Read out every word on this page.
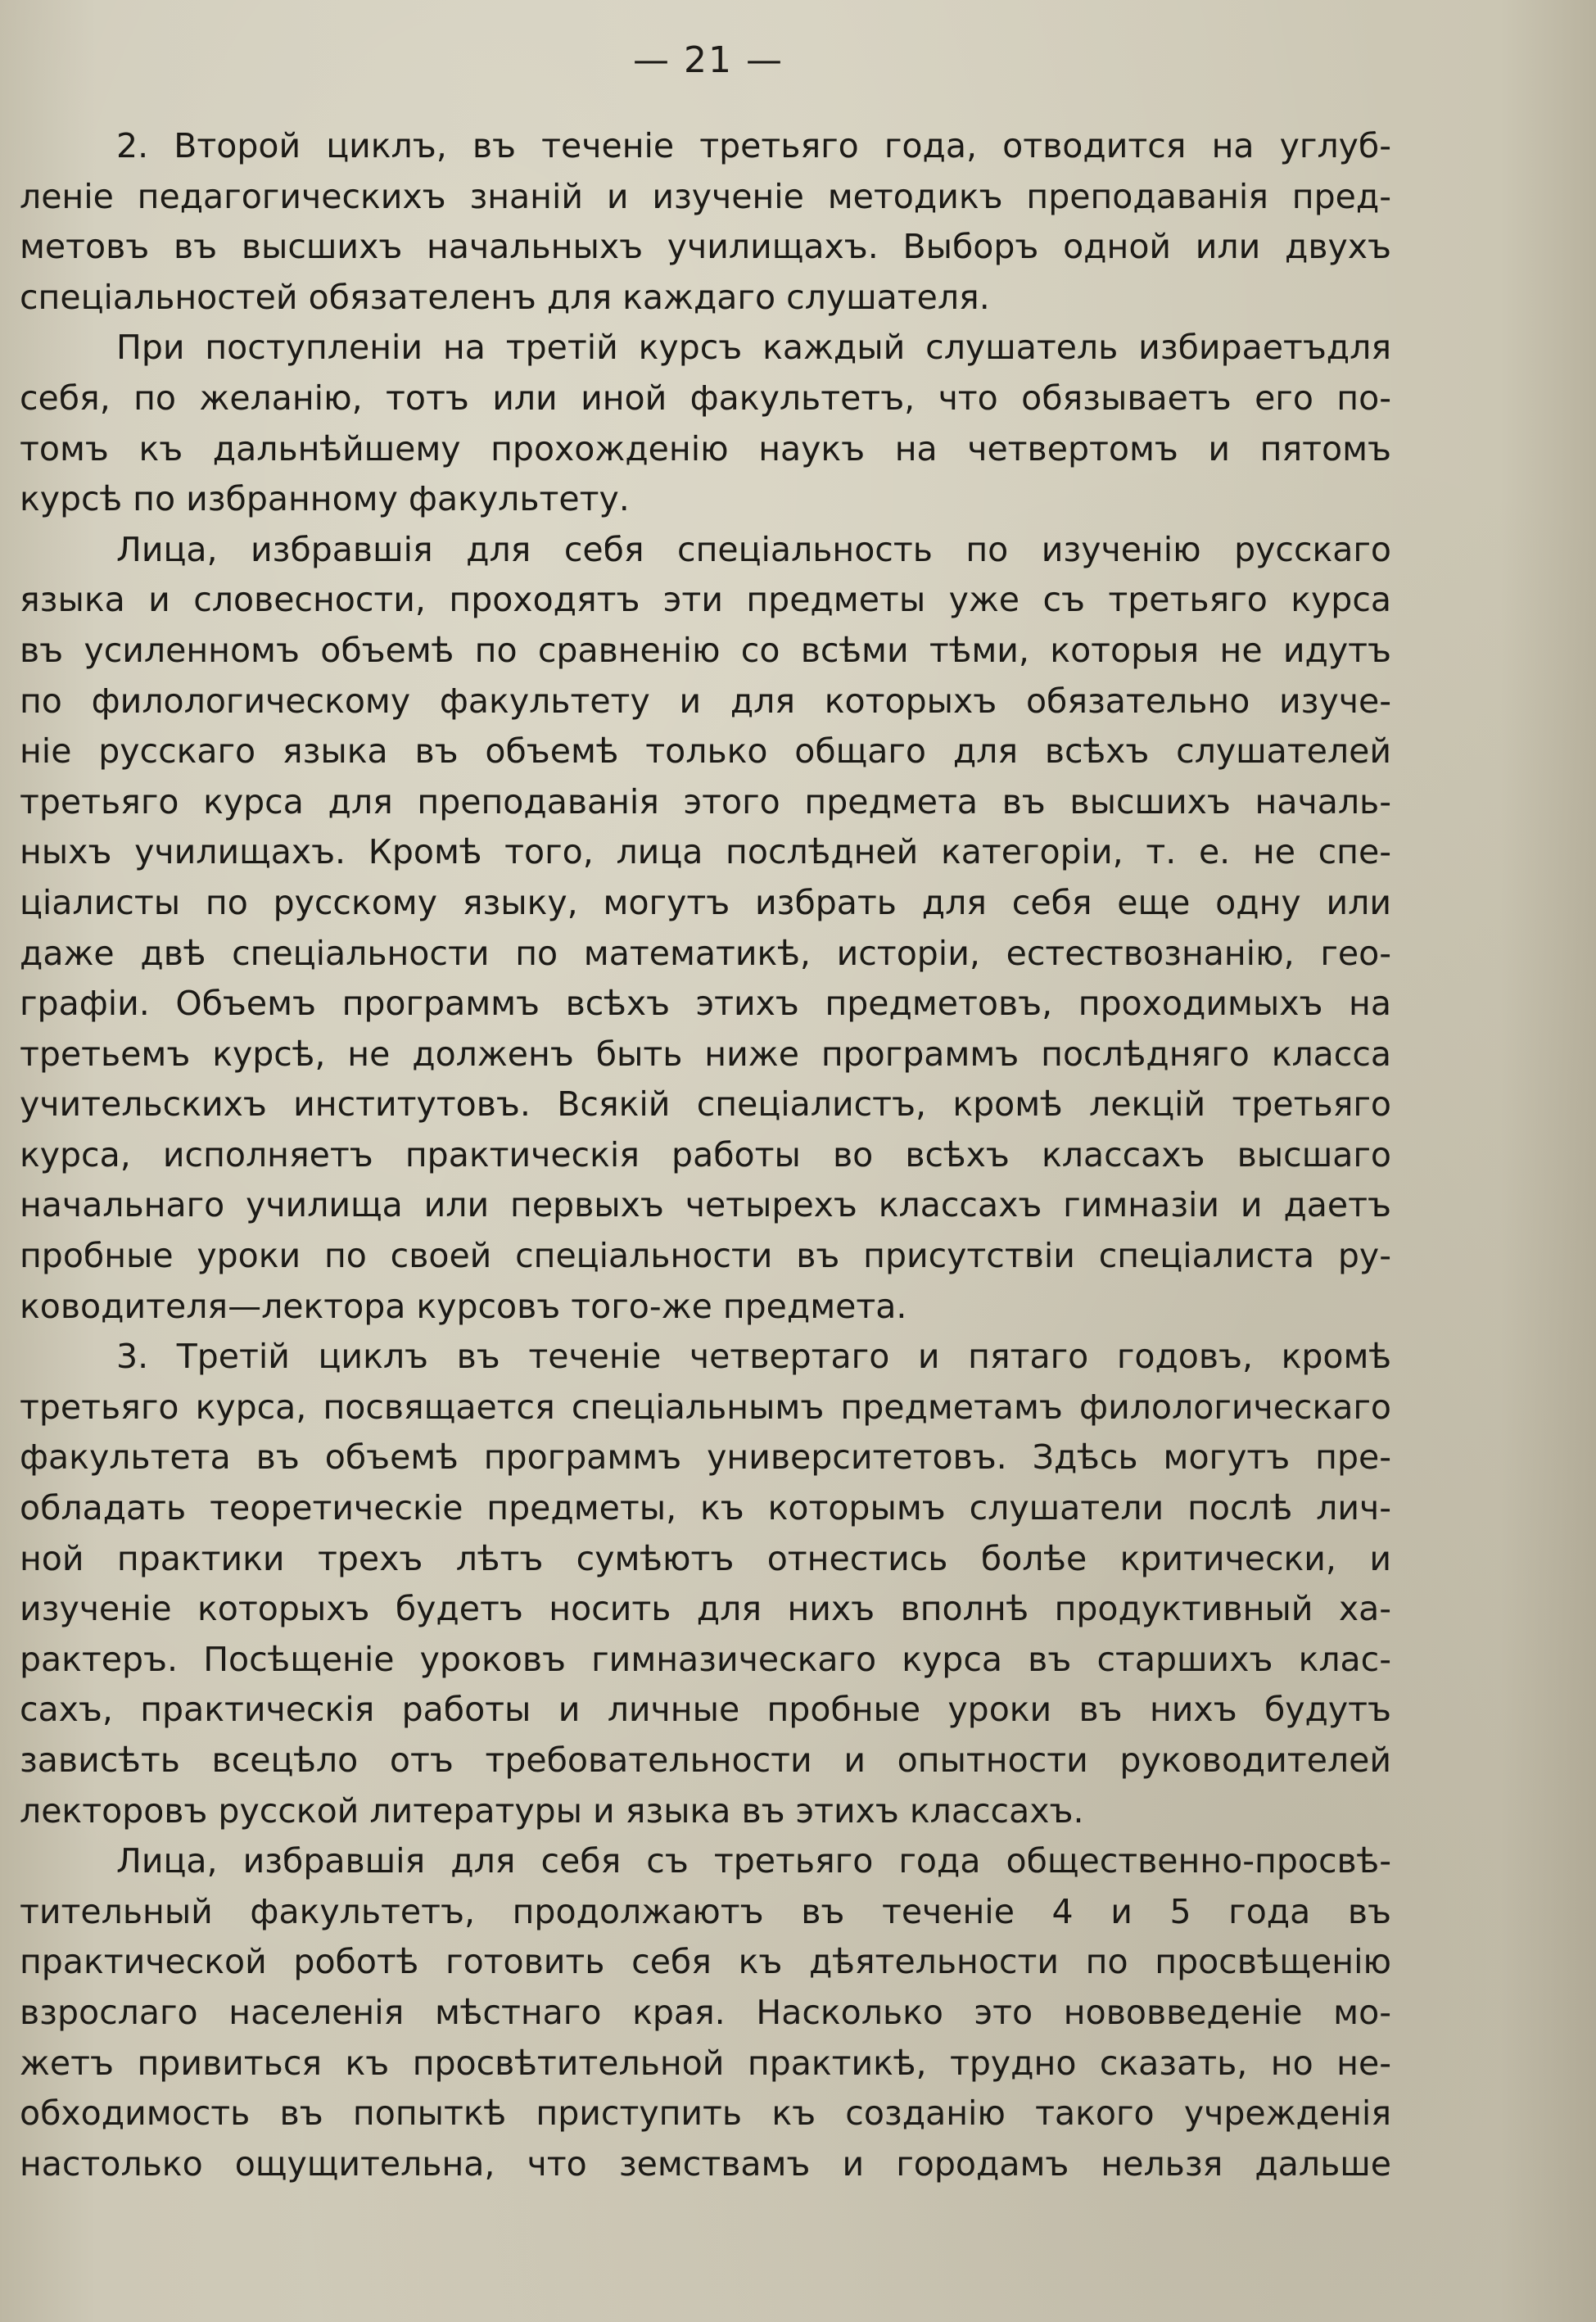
— 21 —

2. Второй циклъ, въ теченіе третьяго года, отводится на углуб-
леніе педагогическихъ знаній и изученіе методикъ преподаванія пред-
метовъ въ высшихъ начальныхъ училищахъ. Выборъ одной или двухъ
спеціальностей обязателенъ для каждаго слушателя.
При поступленіи на третій курсъ каждый слушатель избираетъдля
себя, по желанію, тотъ или иной факультетъ, что обязываетъ его по-
томъ къ дальнѣйшему прохожденію наукъ на четвертомъ и пятомъ
курсѣ по избранному факультету.
Лица, избравшія для себя спеціальность по изученію русскаго
языка и словесности, проходятъ эти предметы уже съ третьяго курса
въ усиленномъ объемѣ по сравненію со всѣми тѣми, которыя не идутъ
по филологическому факультету и для которыхъ обязательно изуче-
ніе русскаго языка въ объемѣ только общаго для всѣхъ слушателей
третьяго курса для преподаванія этого предмета въ высшихъ началь-
ныхъ училищахъ. Кромѣ того, лица послѣдней категоріи, т. е. не спе-
ціалисты по русскому языку, могутъ избрать для себя еще одну или
даже двѣ спеціальности по математикѣ, исторіи, естествознанію, гео-
графіи. Объемъ программъ всѣхъ этихъ предметовъ, проходимыхъ на
третьемъ курсѣ, не долженъ быть ниже программъ послѣдняго класса
учительскихъ институтовъ. Всякій спеціалистъ, кромѣ лекцій третьяго
курса, исполняетъ практическія работы во всѣхъ классахъ высшаго
начальнаго училища или первыхъ четырехъ классахъ гимназіи и даетъ
пробные уроки по своей спеціальности въ присутствіи спеціалиста ру-
ководителя—лектора курсовъ того-же предмета.
3. Третій циклъ въ теченіе четвертаго и пятаго годовъ, кромѣ
третьяго курса, посвящается спеціальнымъ предметамъ филологическаго
факультета въ объемѣ программъ университетовъ. Здѣсь могутъ пре-
обладать теоретическіе предметы, къ которымъ слушатели послѣ лич-
ной практики трехъ лѣтъ сумѣютъ отнестись болѣе критически, и
изученіе которыхъ будетъ носить для нихъ вполнѣ продуктивный ха-
рактеръ. Посѣщеніе уроковъ гимназическаго курса въ старшихъ клас-
сахъ, практическія работы и личные пробные уроки въ нихъ будутъ
зависѣть всецѣло отъ требовательности и опытности руководителей
лекторовъ русской литературы и языка въ этихъ классахъ.
Лица, избравшія для себя съ третьяго года общественно-просвѣ-
тительный факультетъ, продолжаютъ въ теченіе 4 и 5 года въ
практической роботѣ готовить себя къ дѣятельности по просвѣщенію
взрослаго населенія мѣстнаго края. Насколько это нововведеніе мо-
жетъ привиться къ просвѣтительной практикѣ, трудно сказать, но не-
обходимость въ попыткѣ приступить къ созданію такого учрежденія
настолько ощущительна, что земствамъ и городамъ нельзя дальше
